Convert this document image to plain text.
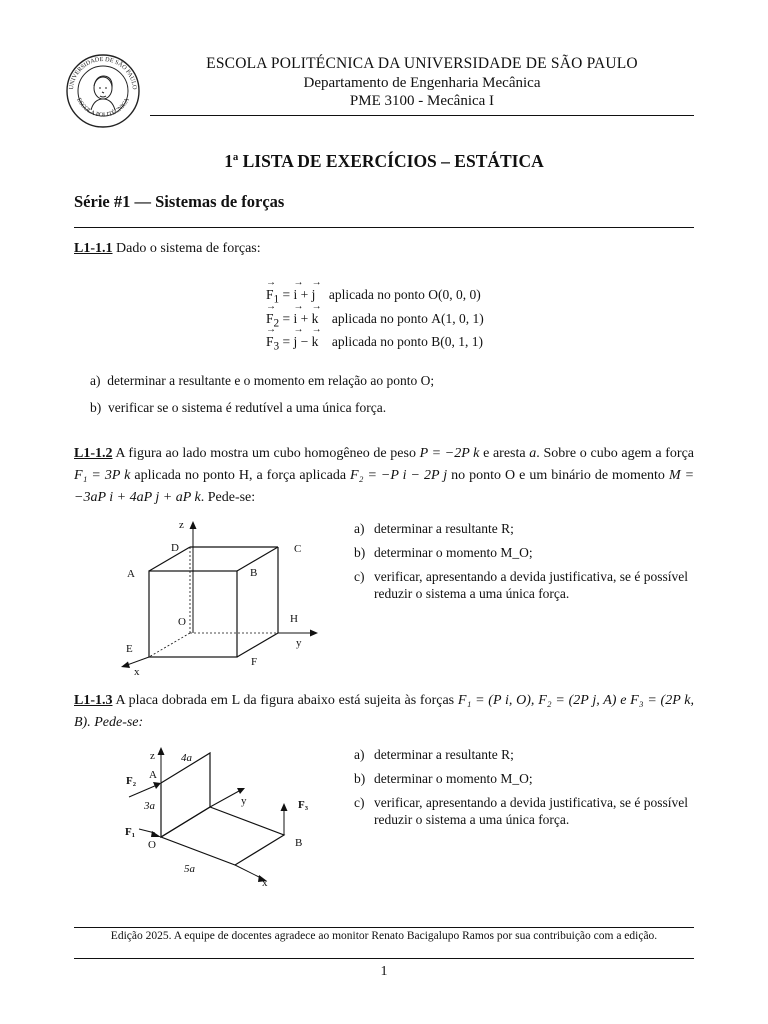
UNIVERSIDADE DE SÃO PAULO
ESCOLA POLITÉCNICA
ESCOLA POLITÉCNICA DA UNIVERSIDADE DE SÃO PAULO
Departamento de Engenharia Mecânica
PME 3100 - Mecânica I
1ª LISTA DE EXERCÍCIOS – ESTÁTICA
Série #1 — Sistemas de forças
L1-1.1 Dado o sistema de forças:
→ $F_1$ = → i + → j aplicada no ponto O(0, 0, 0)
→ $F_2$ = → i + → k aplicada no ponto A(1, 0, 1)
→ $F_3$ = → j − → k aplicada no ponto B(0, 1, 1)
a) determinar a resultante e o momento em relação ao ponto O;
b) verificar se o sistema é redutível a uma única força.
L1-1.2 A figura ao lado mostra um cubo homogêneo de peso P = −2P k e aresta a. Sobre o cubo agem a força F₁ = 3P k aplicada no ponto H, a força aplicada F₂ = −P i − 2P j no ponto O e um binário de momento M = −3aP i + 4aP j + aP k. Pede-se:
z
y
x
A	B
C
D
E
F
H
O
a) determinar a resultante R;
b) determinar o momento M_O;
c) verificar, apresentando a devida justificativa, se é possível reduzir o sistema a uma única força.
L1-1.3 A placa dobrada em L da figura abaixo está sujeita às forças F₁ = (P i, O), F₂ = (2P j, A) e F₃ = (2P k, B). Pede-se:
z
y
x
A
B
O
F₁
F₂
F₃
4a
3a
5a
a) determinar a resultante R;
b) determinar o momento M_O;
c) verificar, apresentando a devida justificativa, se é possível reduzir o sistema a uma única força.
Edição 2025. A equipe de docentes agradece ao monitor Renato Bacigalupo Ramos por sua contribuição com a edição.
1
